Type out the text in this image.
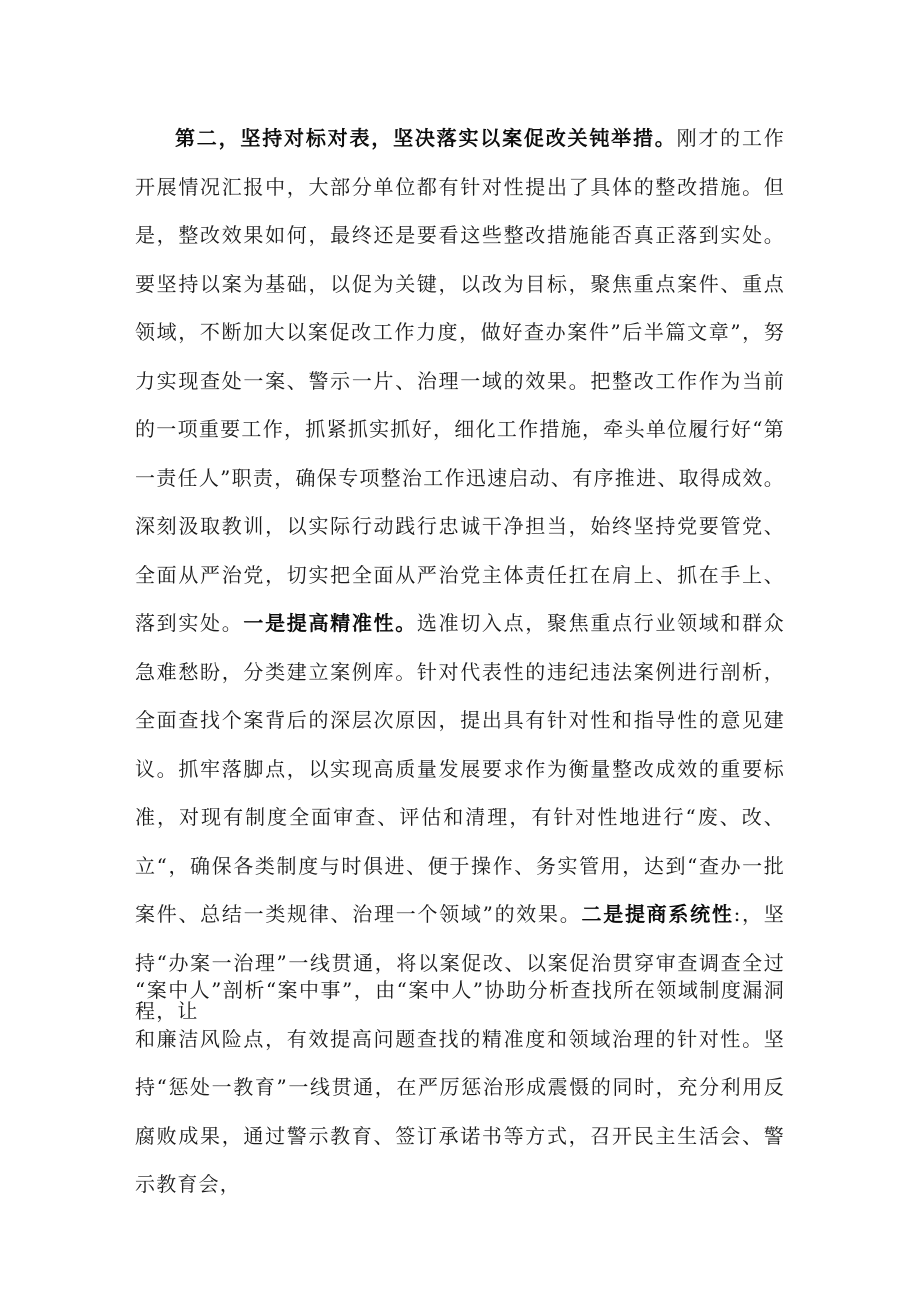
第二，坚持对标对表，坚决落实以案促改关钝举措。刚才的工作开展情况汇报中，大部分单位都有针对性提出了具体的整改措施。但是，整改效果如何，最终还是要看这些整改措施能否真正落到实处。要坚持以案为基础，以促为关键，以改为目标，聚焦重点案件、重点领域，不断加大以案促改工作力度，做好查办案件”后半篇文章”，努力实现查处一案、警示一片、治理一域的效果。把整改工作作为当前的一项重要工作，抓紧抓实抓好，细化工作措施，牵头单位履行好“第一责任人”职责，确保专项整治工作迅速启动、有序推进、取得成效。深刻汲取教训，以实际行动践行忠诚干净担当，始终坚持党要管党、全面从严治党，切实把全面从严治党主体责任扛在肩上、抓在手上、落到实处。一是提高精准性。选准切入点，聚焦重点行业领域和群众急难愁盼，分类建立案例库。针对代表性的违纪违法案例进行剖析，全面查找个案背后的深层次原因，提出具有针对性和指导性的意见建议。抓牢落脚点，以实现高质量发展要求作为衡量整改成效的重要标准，对现有制度全面审查、评估和清理，有针对性地进行“废、改、立“，确保各类制度与时俱进、便于操作、务实管用，达到“查办一批案件、总结一类规律、治理一个领域”的效果。二是提商系统性:，坚持“办案一治理”一线贯通，将以案促改、以案促治贯穿审查调查全过程，让
“案中人”剖析“案中事”，由“案中人”协助分析查找所在领域制度漏洞和廉洁风险点，有效提高问题查找的精准度和领域治理的针对性。坚持“惩处一教育”一线贯通，在严厉惩治形成震慑的同时，充分利用反腐败成果，通过警示教育、签订承诺书等方式，召开民主生活会、警示教育会，
